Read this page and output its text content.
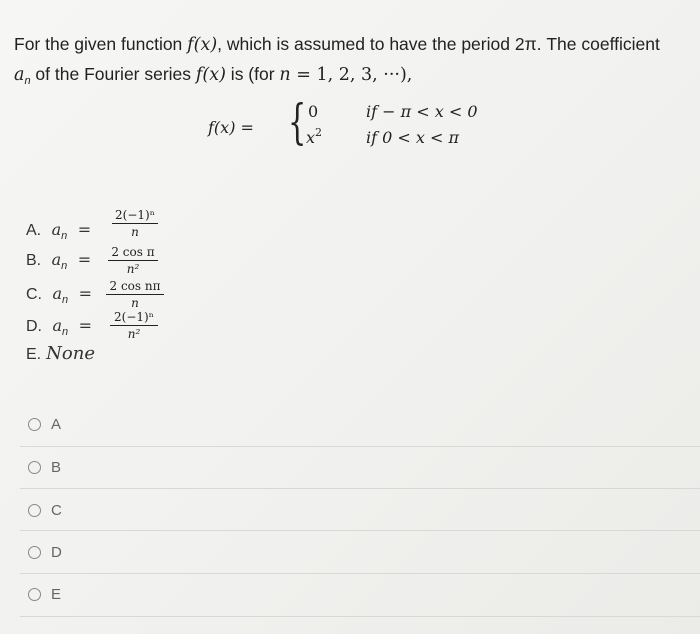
For the given function f(x), which is assumed to have the period 2π. The coefficient
$a_n$ of the Fourier series f(x) is (for n = 1, 2, 3, ···),
f(x) = { 0
$x^2$
if − π < x < 0
if 0 < x < π
A. $a_n$ =
2(−1)ⁿ
n
B. $a_n$ =	2 cos π
n²
C. $a_n$ =	2 cos nπ
n
D. $a_n$ =	2(−1)ⁿ
n²
E. None
A
B
C
D
E
